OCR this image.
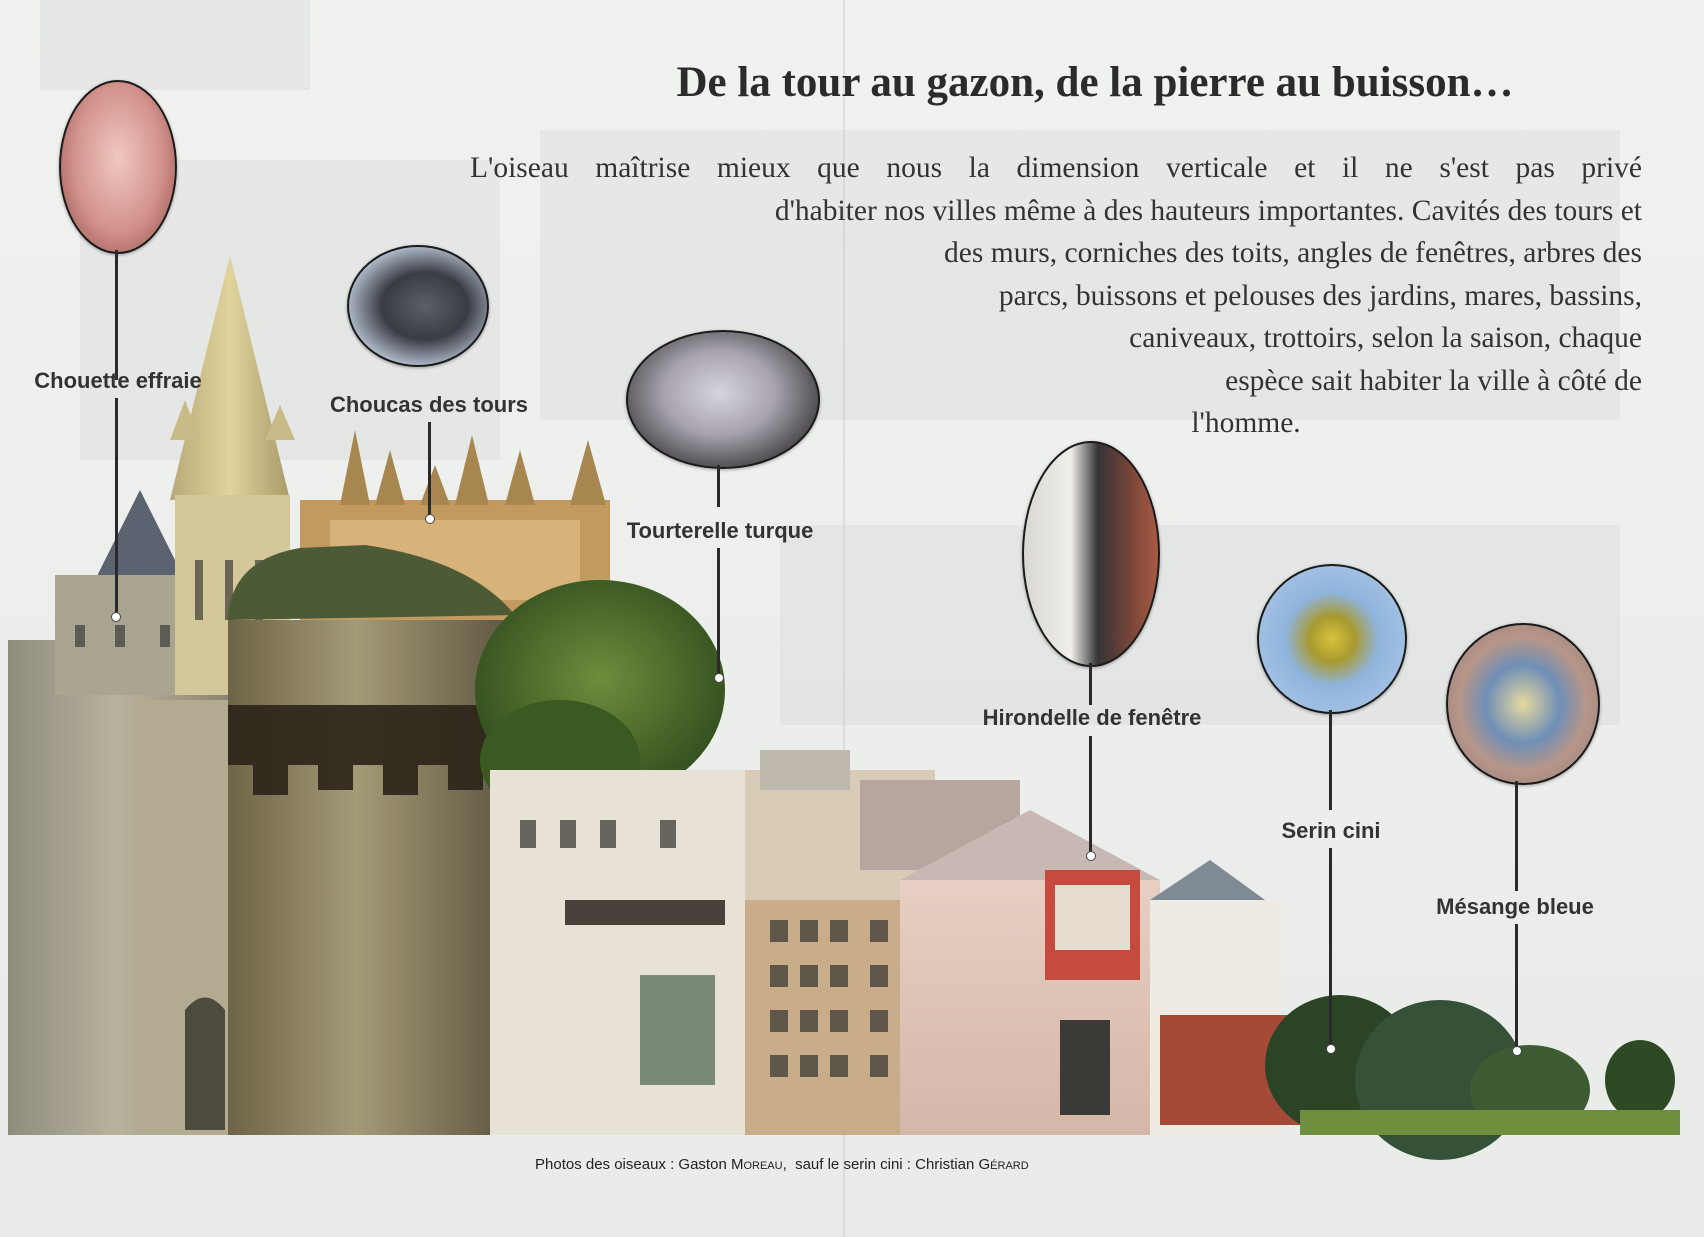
De la tour au gazon, de la pierre au buisson…
L'oiseau maîtrise mieux que nous la dimension verticale et il ne s'est pas privé
d'habiter nos villes même à des hauteurs importantes. Cavités des tours et
des murs, corniches des toits, angles de fenêtres, arbres des
parcs, buissons et pelouses des jardins, mares, bassins,
caniveaux, trottoirs, selon la saison, chaque
espèce sait habiter la ville à côté de
l'homme.
Chouette effraie
Choucas des tours
Tourterelle turque
Hirondelle de fenêtre
Serin cini
Mésange bleue
Photos des oiseaux : Gaston MOREAU,  sauf le serin cini : Christian GÉRARD
